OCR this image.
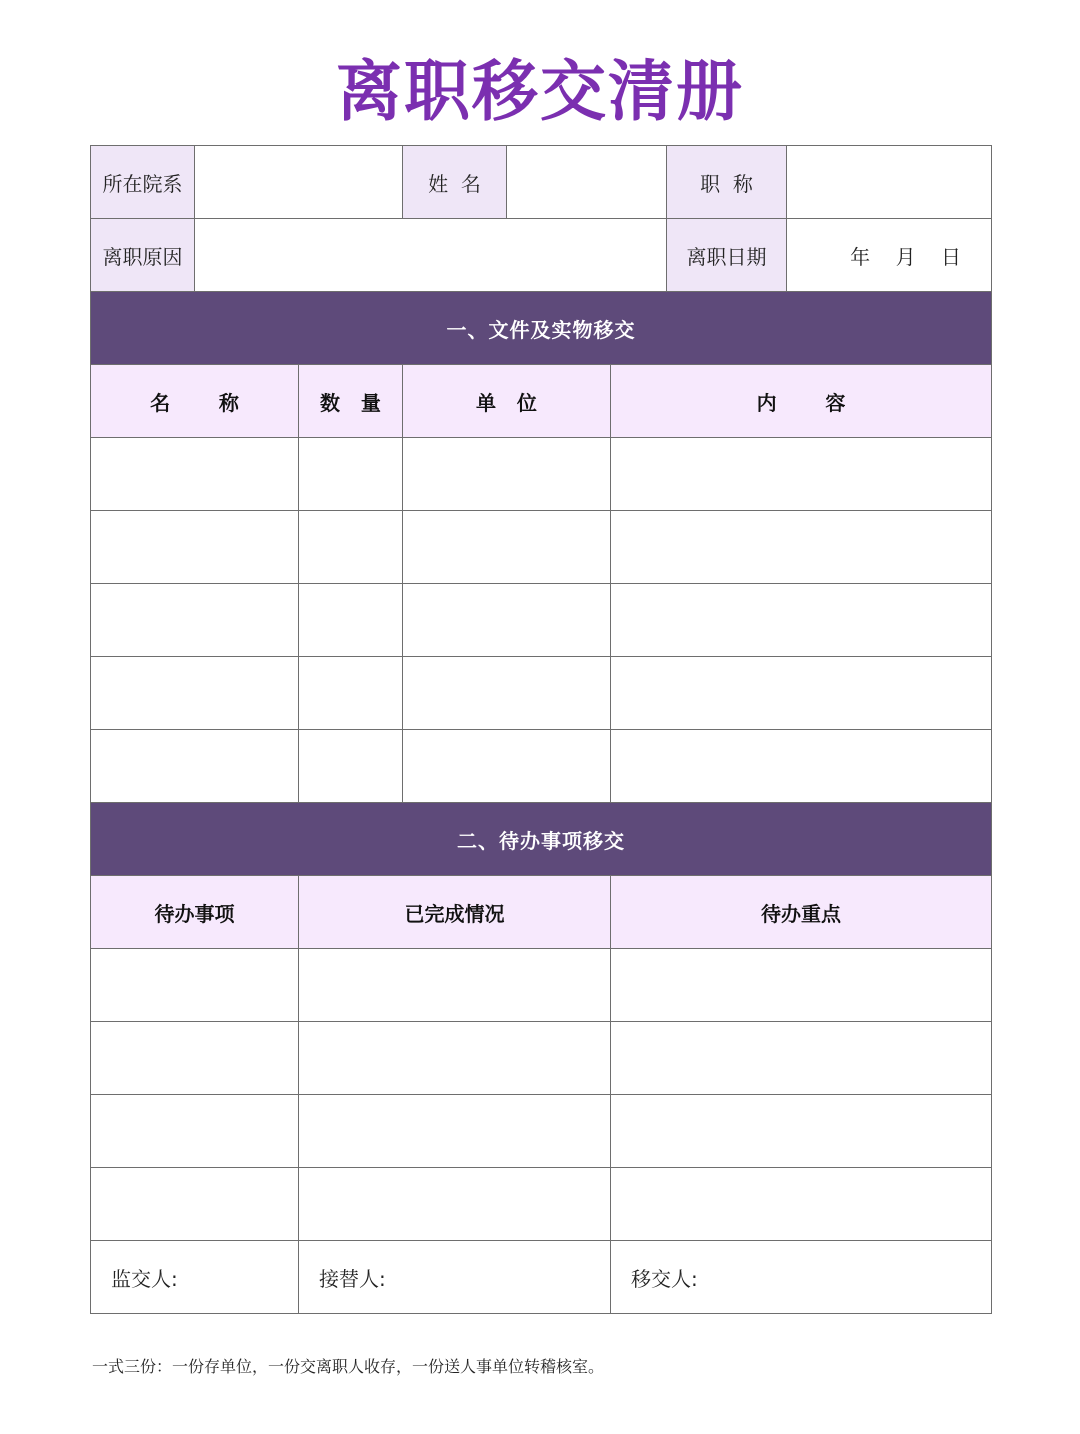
离职移交清册
所在院系			姓  名			职  称	
离职原因						离职日期	年    月    日
一、文件及实物移交							
名       称		数   量	单   位		内       容		

二、待办事项移交							
待办事项		已完成情况			待办重点		

监交人:		接替人:			移交人:		
一式三份：一份存单位，一份交离职人收存，一份送人事单位转稽核室。
